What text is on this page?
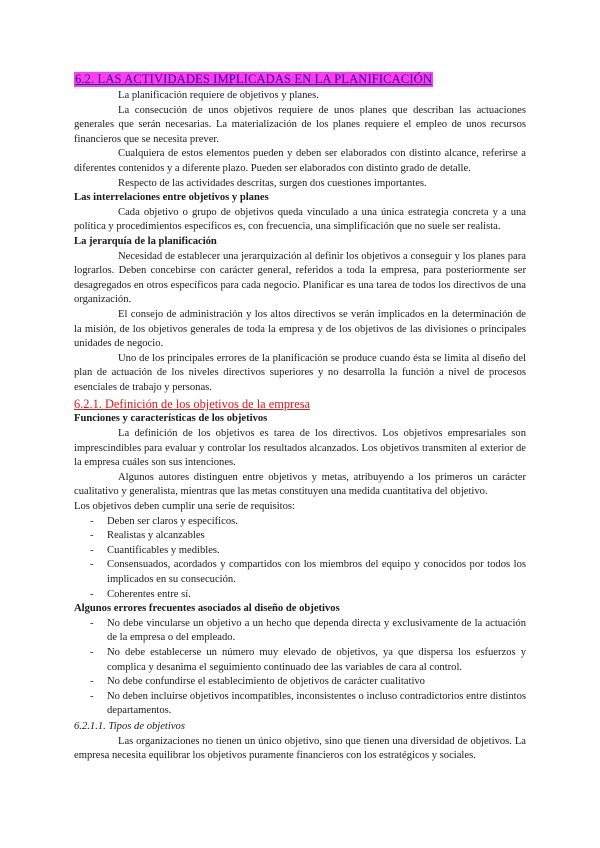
6.2. LAS ACTIVIDADES IMPLICADAS EN LA PLANIFICACIÓN

La planificación requiere de objetivos y planes.

La consecución de unos objetivos requiere de unos planes que describan las actuaciones generales que serán necesarias. La materialización de los planes requiere el empleo de unos recursos financieros que se necesita prever.

Cualquiera de estos elementos pueden y deben ser elaborados con distinto alcance, referirse a diferentes contenidos y a diferente plazo. Pueden ser elaborados con distinto grado de detalle.

Respecto de las actividades descritas, surgen dos cuestiones importantes.

Las interrelaciones entre objetivos y planes

Cada objetivo o grupo de objetivos queda vinculado a una única estrategia concreta y a una política y procedimientos específicos es, con frecuencia, una simplificación que no suele ser realista.

La jerarquía de la planificación

Necesidad de establecer una jerarquización al definir los objetivos a conseguir y los planes para lograrlos. Deben concebirse con carácter general, referidos a toda la empresa, para posteriormente ser desagregados en otros específicos para cada negocio. Planificar es una tarea de todos los directivos de una organización.

El consejo de administración y los altos directivos se verán implicados en la determinación de la misión, de los objetivos generales de toda la empresa y de los objetivos de las divisiones o principales unidades de negocio.

Uno de los principales errores de la planificación se produce cuando ésta se limita al diseño del plan de actuación de los niveles directivos superiores y no desarrolla la función a nivel de procesos esenciales de trabajo y personas.

6.2.1. Definición de los objetivos de la empresa

Funciones y características de los objetivos

La definición de los objetivos es tarea de los directivos. Los objetivos empresariales son imprescindibles para evaluar y controlar los resultados alcanzados. Los objetivos transmiten al exterior de la empresa cuáles son sus intenciones.

Algunos autores distinguen entre objetivos y metas, atribuyendo a los primeros un carácter cualitativo y generalista, mientras que las metas constituyen una medida cuantitativa del objetivo.

Los objetivos deben cumplir una serie de requisitos:

- Deben ser claros y específicos.
- Realistas y alcanzables
- Cuantificables y medibles.
- Consensuados, acordados y compartidos con los miembros del equipo y conocidos por todos los implicados en su consecución.
- Coherentes entre sí.

Algunos errores frecuentes asociados al diseño de objetivos

- No debe vincularse un objetivo a un hecho que dependa directa y exclusivamente de la actuación de la empresa o del empleado.
- No debe establecerse un número muy elevado de objetivos, ya que dispersa los esfuerzos y complica y desanima el seguimiento continuado dee las variables de cara al control.
- No debe confundirse el establecimiento de objetivos de carácter cualitativo
- No deben incluirse objetivos incompatibles, inconsistentes o incluso contradictorios entre distintos departamentos.

6.2.1.1. Tipos de objetivos

Las organizaciones no tienen un único objetivo, sino que tienen una diversidad de objetivos. La empresa necesita equilibrar los objetivos puramente financieros con los estratégicos y sociales.
